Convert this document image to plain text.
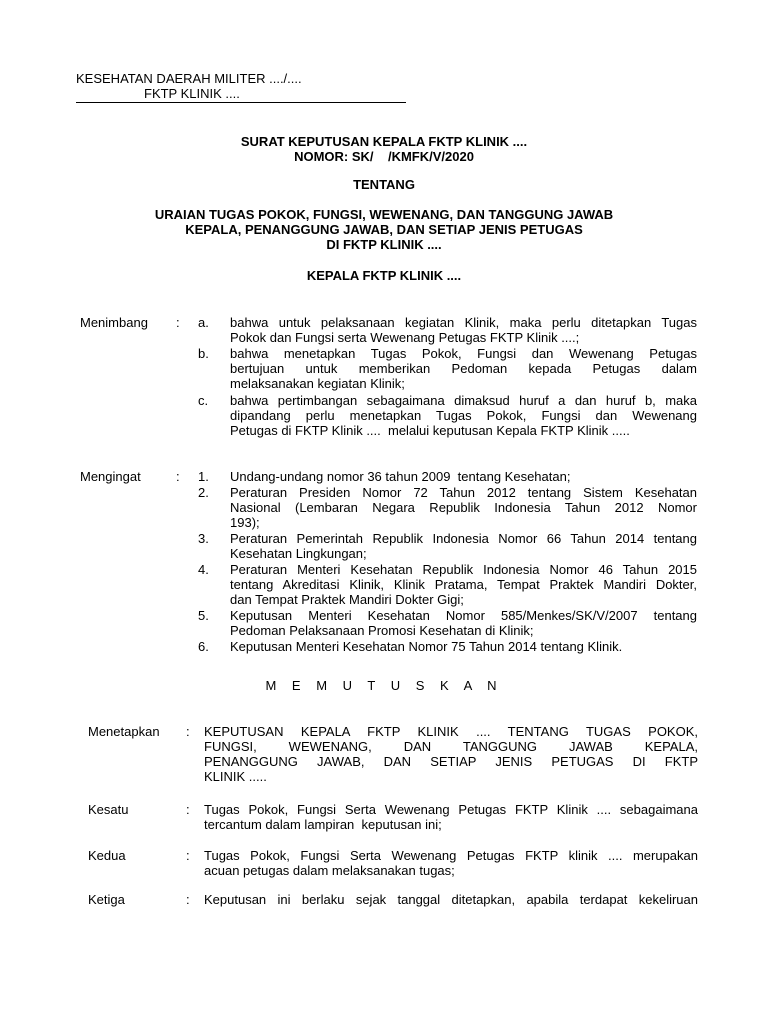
KESEHATAN DAERAH MILITER ..../....
FKTP KLINIK ....
SURAT KEPUTUSAN KEPALA FKTP KLINIK ....
NOMOR: SK/    /KMFK/V/2020
TENTANG
URAIAN TUGAS POKOK, FUNGSI, WEWENANG, DAN TANGGUNG JAWAB
KEPALA, PENANGGUNG JAWAB, DAN SETIAP JENIS PETUGAS
DI FKTP KLINIK ....
KEPALA FKTP KLINIK ....
Menimbang : a. bahwa untuk pelaksanaan kegiatan Klinik, maka perlu ditetapkan Tugas
Pokok dan Fungsi serta Wewenang Petugas FKTP Klinik ....;
b. bahwa menetapkan Tugas Pokok, Fungsi dan Wewenang Petugas
bertujuan untuk memberikan Pedoman kepada Petugas dalam
melaksanakan kegiatan Klinik;
c. bahwa pertimbangan sebagaimana dimaksud huruf a dan huruf b, maka
dipandang perlu menetapkan Tugas Pokok, Fungsi dan Wewenang
Petugas di FKTP Klinik ....  melalui keputusan Kepala FKTP Klinik .....
Mengingat	: 1. Undang-undang nomor 36 tahun 2009  tentang Kesehatan;
2. Peraturan Presiden Nomor 72 Tahun 2012 tentang Sistem Kesehatan
Nasional (Lembaran Negara Republik Indonesia Tahun 2012 Nomor
193);
3. Peraturan Pemerintah Republik Indonesia Nomor 66 Tahun 2014 tentang
Kesehatan Lingkungan;
4. Peraturan Menteri Kesehatan Republik Indonesia Nomor 46 Tahun 2015
tentang Akreditasi Klinik, Klinik Pratama, Tempat Praktek Mandiri Dokter,
dan Tempat Praktek Mandiri Dokter Gigi;
5. Keputusan Menteri Kesehatan Nomor 585/Menkes/SK/V/2007 tentang
Pedoman Pelaksanaan Promosi Kesehatan di Klinik;
6. Keputusan Menteri Kesehatan Nomor 75 Tahun 2014 tentang Klinik.
M E M U T U S K A N
Menetapkan : KEPUTUSAN KEPALA FKTP KLINIK .... TENTANG TUGAS POKOK,
FUNGSI, WEWENANG, DAN TANGGUNG JAWAB KEPALA,
PENANGGUNG JAWAB, DAN SETIAP JENIS PETUGAS DI FKTP
KLINIK .....
Kesatu	: Tugas Pokok, Fungsi Serta Wewenang Petugas FKTP Klinik .... sebagaimana
tercantum dalam lampiran  keputusan ini;
Kedua	: Tugas Pokok, Fungsi Serta Wewenang Petugas FKTP klinik .... merupakan
acuan petugas dalam melaksanakan tugas;
Ketiga	: Keputusan ini berlaku sejak tanggal ditetapkan, apabila terdapat kekeliruan
